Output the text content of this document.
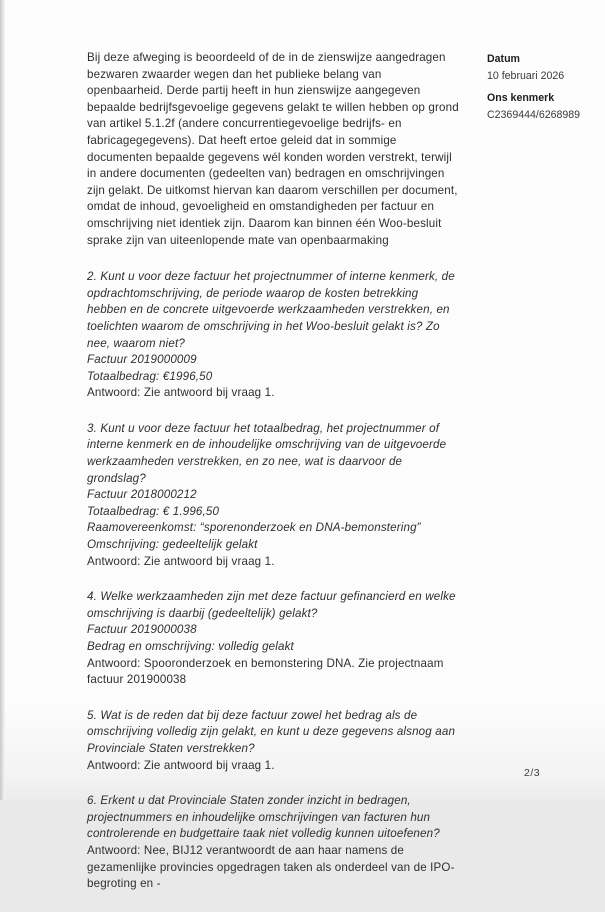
Bij deze afweging is beoordeeld of de in de zienswijze aangedragen bezwaren zwaarder wegen dan het publieke belang van openbaarheid. Derde partij heeft in hun zienswijze aangegeven bepaalde bedrijfsgevoelige gegevens gelakt te willen hebben op grond van artikel 5.1.2f (andere concurrentiegevoelige bedrijfs- en fabricagegegevens). Dat heeft ertoe geleid dat in sommige documenten bepaalde gegevens wél konden worden verstrekt, terwijl in andere documenten (gedeelten van) bedragen en omschrijvingen zijn gelakt. De uitkomst hiervan kan daarom verschillen per document, omdat de inhoud, gevoeligheid en omstandigheden per factuur en omschrijving niet identiek zijn. Daarom kan binnen één Woo-besluit sprake zijn van uiteenlopende mate van openbaarmaking

2. Kunt u voor deze factuur het projectnummer of interne kenmerk, de opdrachtomschrijving, de periode waarop de kosten betrekking hebben en de concrete uitgevoerde werkzaamheden verstrekken, en toelichten waarom de omschrijving in het Woo-besluit gelakt is? Zo nee, waarom niet?
Factuur 2019000009
Totaalbedrag: €1996,50
Antwoord: Zie antwoord bij vraag 1.
3. Kunt u voor deze factuur het totaalbedrag, het projectnummer of interne kenmerk en de inhoudelijke omschrijving van de uitgevoerde werkzaamheden verstrekken, en zo nee, wat is daarvoor de grondslag?
Factuur 2018000212
Totaalbedrag: € 1.996,50
Raamovereenkomst: “sporenonderzoek en DNA-bemonstering”
Omschrijving: gedeeltelijk gelakt
Antwoord: Zie antwoord bij vraag 1.
4. Welke werkzaamheden zijn met deze factuur gefinancierd en welke omschrijving is daarbij (gedeeltelijk) gelakt?
Factuur 2019000038
Bedrag en omschrijving: volledig gelakt
Antwoord: Spooronderzoek en bemonstering DNA. Zie projectnaam factuur 201900038
5. Wat is de reden dat bij deze factuur zowel het bedrag als de omschrijving volledig zijn gelakt, en kunt u deze gegevens alsnog aan Provinciale Staten verstrekken?
Antwoord: Zie antwoord bij vraag 1.
6. Erkent u dat Provinciale Staten zonder inzicht in bedragen, projectnummers en inhoudelijke omschrijvingen van facturen hun controlerende en budgettaire taak niet volledig kunnen uitoefenen?
Antwoord: Nee, BIJ12 verantwoordt de aan haar namens de gezamenlijke provincies opgedragen taken als onderdeel van de IPO-begroting en -
Datum
10 februari 2026
Ons kenmerk
C2369444/6268989
2/3
